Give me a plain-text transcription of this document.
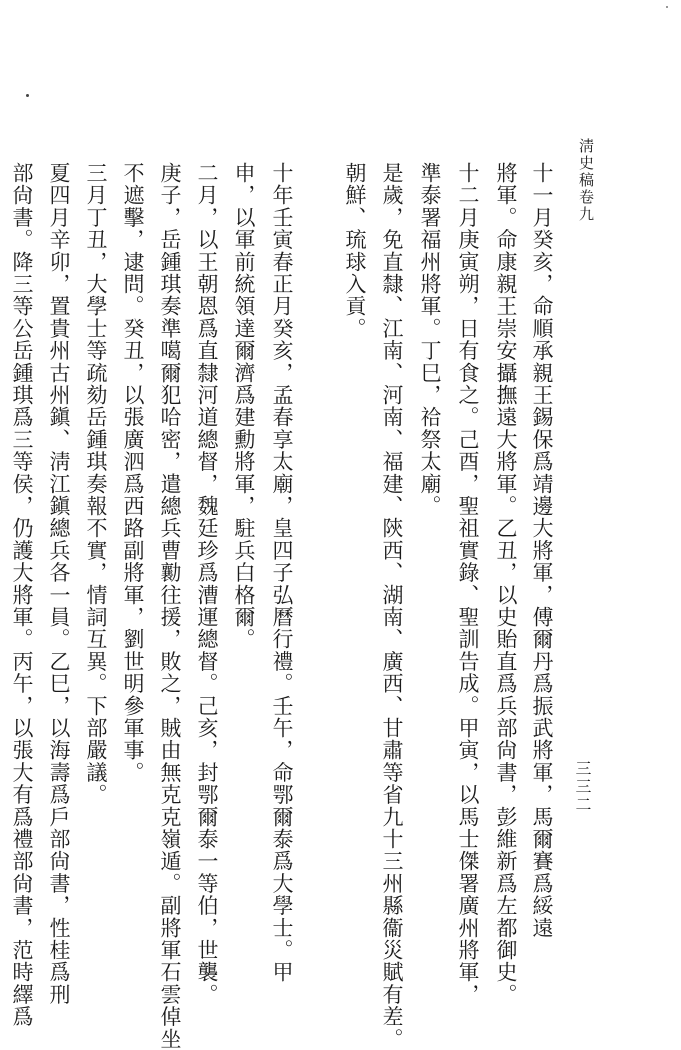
淸史稿卷九
三三二
十一月癸亥，命順承親王錫保爲靖邊大將軍，傅爾丹爲振武將軍，馬爾賽爲綏遠
將軍。命康親王崇安攝撫遠大將軍。乙丑，以史貽直爲兵部尙書，彭維新爲左都御史。
十二月庚寅朔，日有食之。己酉，聖祖實錄、聖訓告成。甲寅，以馬士傑署廣州將軍，
準泰署福州將軍。丁巳，祫祭太廟。
是歲，免直隸、江南、河南、福建、陝西、湖南、廣西、甘肅等省九十三州縣衞災賦有差。
朝鮮、琉球入貢。
十年壬寅春正月癸亥，孟春享太廟，皇四子弘曆行禮。壬午，命鄂爾泰爲大學士。甲
申，以軍前統領達爾濟爲建勳將軍，駐兵白格爾。
二月，以王朝恩爲直隸河道總督，魏廷珍爲漕運總督。己亥，封鄂爾泰一等伯，世襲。
庚子，岳鍾琪奏準噶爾犯哈密，遣總兵曹勷往援，敗之，賊由無克克嶺遁。副將軍石雲倬坐
不遮擊，逮問。癸丑，以張廣泗爲西路副將軍，劉世明參軍事。
三月丁丑，大學士等疏劾岳鍾琪奏報不實，情詞互異。下部嚴議。
夏四月辛卯，置貴州古州鎭、淸江鎭總兵各一員。乙巳，以海壽爲戶部尙書，性桂爲刑
部尙書。降三等公岳鍾琪爲三等侯，仍護大將軍。丙午，以張大有爲禮部尙書，范時繹爲
